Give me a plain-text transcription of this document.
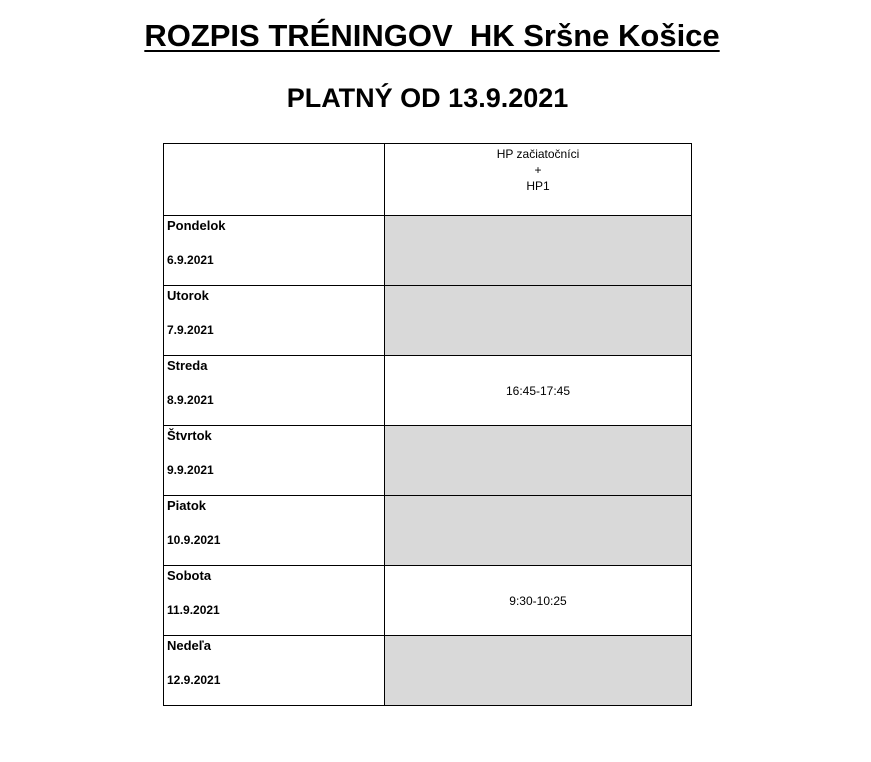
ROZPIS TRÉNINGOV  HK Sršne Košice
PLATNÝ OD 13.9.2021

	HP začiatočníci
+
HP1

Pondelok
6.9.2021	

Utorok
7.9.2021	

Streda
8.9.2021	16:45-17:45

Štvrtok
9.9.2021	

Piatok
10.9.2021	

Sobota
11.9.2021	9:30-10:25

Nedeľa
12.9.2021	
